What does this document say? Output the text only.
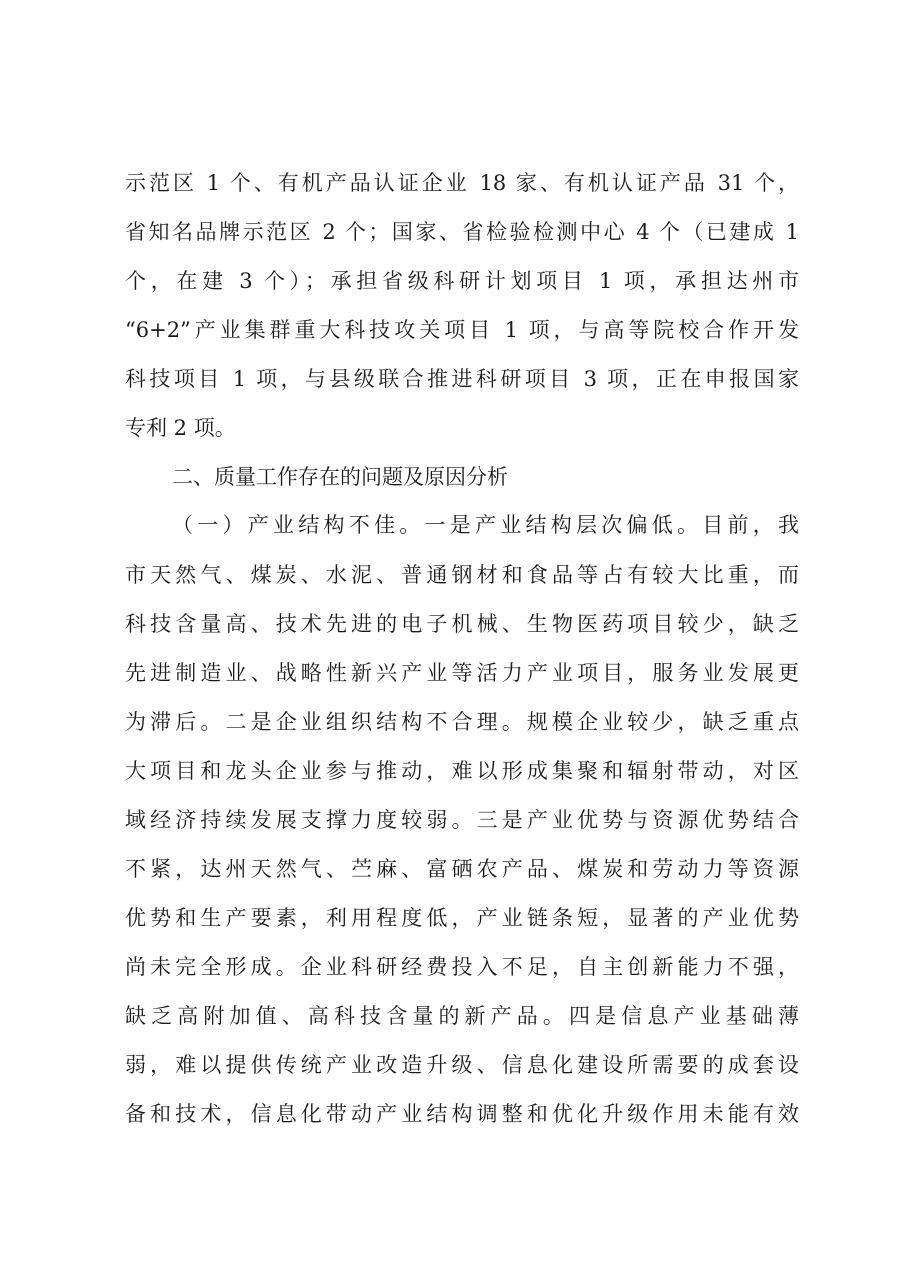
示范区 1 个、有机产品认证企业 18 家、有机认证产品 31 个，
省知名品牌示范区 2 个；国家、省检验检测中心 4 个（已建成 1
个，在建 3 个）；承担省级科研计划项目 1 项，承担达州市
“6+2”产业集群重大科技攻关项目 1 项，与高等院校合作开发
科技项目 1 项，与县级联合推进科研项目 3 项，正在申报国家
专利 2 项。
二、质量工作存在的问题及原因分析
（一）产业结构不佳。一是产业结构层次偏低。目前，我
市天然气、煤炭、水泥、普通钢材和食品等占有较大比重，而
科技含量高、技术先进的电子机械、生物医药项目较少，缺乏
先进制造业、战略性新兴产业等活力产业项目，服务业发展更
为滞后。二是企业组织结构不合理。规模企业较少，缺乏重点
大项目和龙头企业参与推动，难以形成集聚和辐射带动，对区
域经济持续发展支撑力度较弱。三是产业优势与资源优势结合
不紧，达州天然气、苎麻、富硒农产品、煤炭和劳动力等资源
优势和生产要素，利用程度低，产业链条短，显著的产业优势
尚未完全形成。企业科研经费投入不足，自主创新能力不强，
缺乏高附加值、高科技含量的新产品。四是信息产业基础薄
弱，难以提供传统产业改造升级、信息化建设所需要的成套设
备和技术，信息化带动产业结构调整和优化升级作用未能有效
